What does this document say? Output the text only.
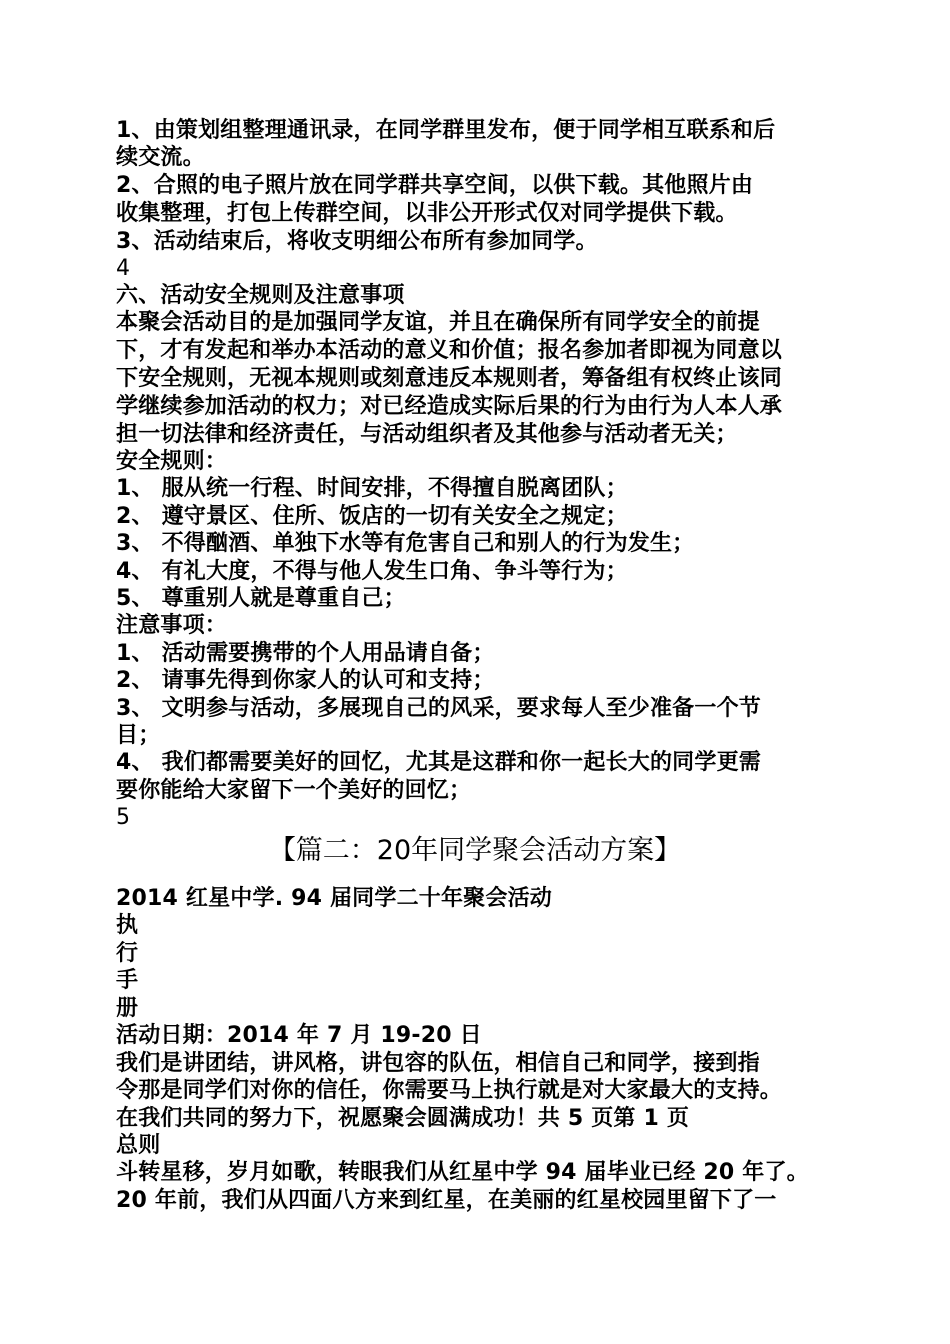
1、由策划组整理通讯录，在同学群里发布，便于同学相互联系和后
续交流。
2、合照的电子照片放在同学群共享空间，以供下载。其他照片由
收集整理，打包上传群空间，以非公开形式仅对同学提供下载。
3、活动结束后，将收支明细公布所有参加同学。
4
六、活动安全规则及注意事项
本聚会活动目的是加强同学友谊，并且在确保所有同学安全的前提
下，才有发起和举办本活动的意义和价值；报名参加者即视为同意以
下安全规则，无视本规则或刻意违反本规则者，筹备组有权终止该同
学继续参加活动的权力；对已经造成实际后果的行为由行为人本人承
担一切法律和经济责任，与活动组织者及其他参与活动者无关；
安全规则：
1、 服从统一行程、时间安排，不得擅自脱离团队；
2、 遵守景区、住所、饭店的一切有关安全之规定；
3、 不得酗酒、单独下水等有危害自己和别人的行为发生；
4、 有礼大度，不得与他人发生口角、争斗等行为；
5、 尊重别人就是尊重自己；
注意事项：
1、 活动需要携带的个人用品请自备；
2、 请事先得到你家人的认可和支持；
3、 文明参与活动，多展现自己的风采，要求每人至少准备一个节
目；
4、 我们都需要美好的回忆，尤其是这群和你一起长大的同学更需
要你能给大家留下一个美好的回忆；
5
【篇二：20年同学聚会活动方案】
2014 红星中学. 94 届同学二十年聚会活动
执
行
手
册
活动日期：2014 年 7 月 19-20 日
我们是讲团结，讲风格，讲包容的队伍，相信自己和同学，接到指
令那是同学们对你的信任，你需要马上执行就是对大家最大的支持。
在我们共同的努力下，祝愿聚会圆满成功！共 5 页第 1 页
总则
斗转星移，岁月如歌，转眼我们从红星中学 94 届毕业已经 20 年了。
20 年前，我们从四面八方来到红星，在美丽的红星校园里留下了一
